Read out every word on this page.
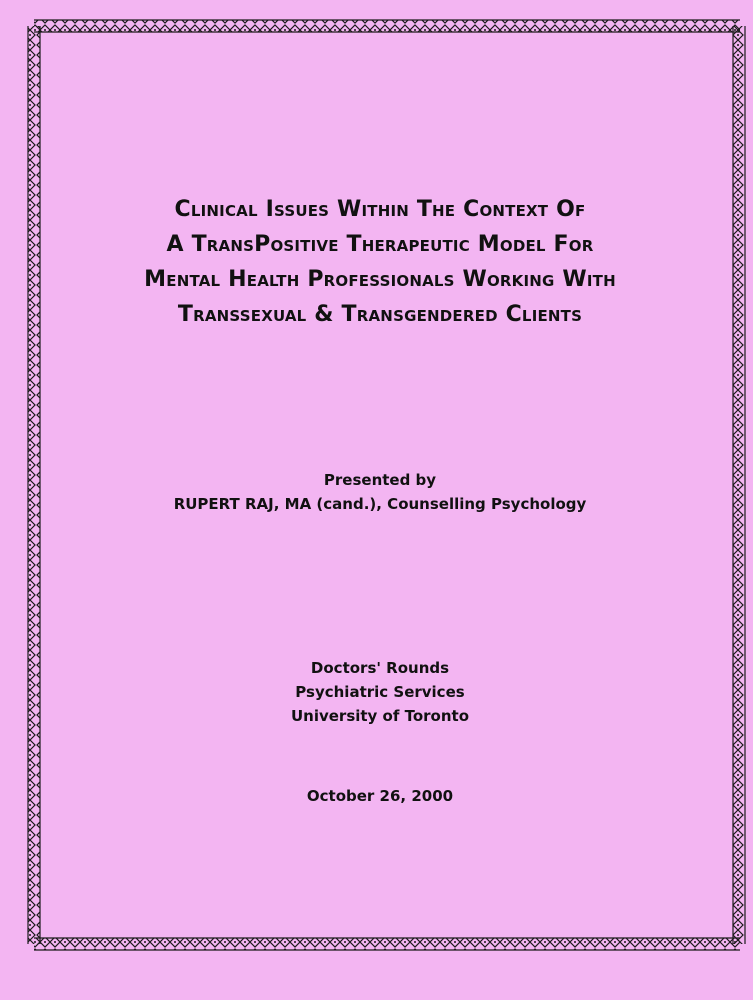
Clinical Issues Within The Context Of
A TransPositive Therapeutic Model For
Mental Health Professionals Working With
Transsexual & Transgendered Clients
Presented by
RUPERT RAJ, MA (cand.), Counselling Psychology
Doctors' Rounds
Psychiatric Services
University of Toronto
October 26, 2000
